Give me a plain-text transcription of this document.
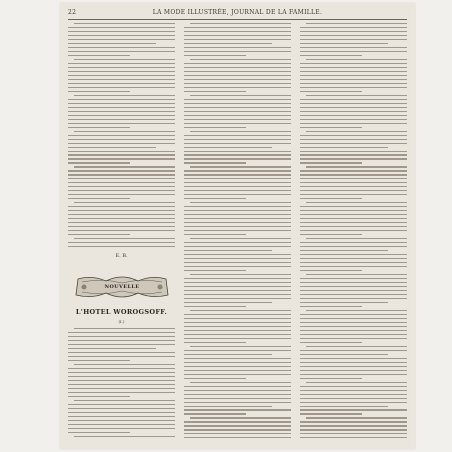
22	LA MODE ILLUSTRÉE, JOURNAL DE LA FAMILLE.
E. B.
NOUVELLE
L'HOTEL WOROGSOFF.
(I.)
